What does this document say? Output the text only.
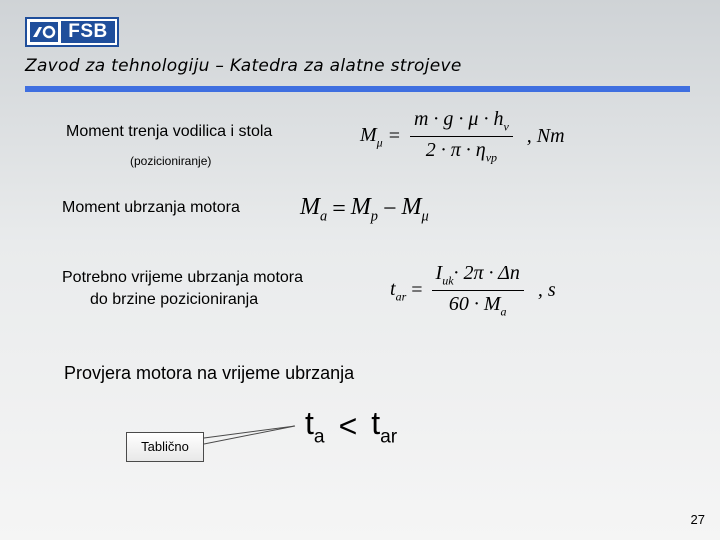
FSB
Zavod za tehnologiju – Katedra za alatne strojeve
Moment trenja vodilica i stola
(pozicioniranje)
$M_\mu = \frac{m \cdot g \cdot \mu \cdot h_v}{2 \cdot \pi \cdot \eta_{vp}}$ , Nm
Moment ubrzanja motora	$M_a = M_p - M_\mu$
Potrebno vrijeme ubrzanja motora
do brzine pozicioniranja	$t_{ar} = \frac{I_{uk}\cdot 2\pi \cdot \Delta n}{60 \cdot M_a}$ , s
Provjera motora na vrijeme ubrzanja
$t_a < t_{ar}$
Tablično
27
